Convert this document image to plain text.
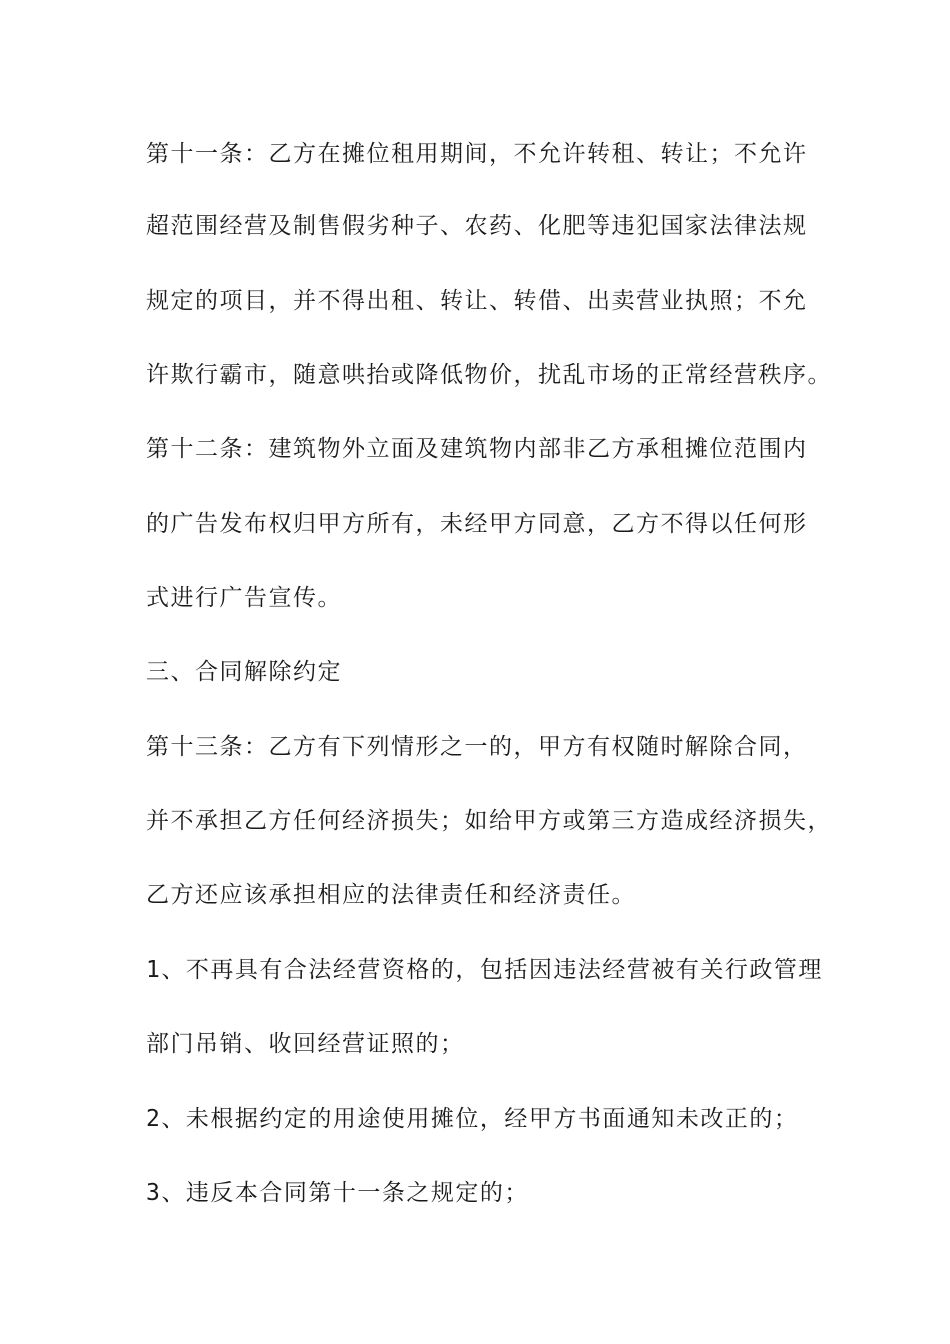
第十一条：乙方在摊位租用期间，不允许转租、转让；不允许
超范围经营及制售假劣种子、农药、化肥等违犯国家法律法规
规定的项目，并不得出租、转让、转借、出卖营业执照；不允
许欺行霸市，随意哄抬或降低物价，扰乱市场的正常经营秩序。
第十二条：建筑物外立面及建筑物内部非乙方承租摊位范围内
的广告发布权归甲方所有，未经甲方同意，乙方不得以任何形
式进行广告宣传。
三、合同解除约定
第十三条：乙方有下列情形之一的，甲方有权随时解除合同，
并不承担乙方任何经济损失；如给甲方或第三方造成经济损失，
乙方还应该承担相应的法律责任和经济责任。
1、不再具有合法经营资格的，包括因违法经营被有关行政管理
部门吊销、收回经营证照的；
2、未根据约定的用途使用摊位，经甲方书面通知未改正的；
3、违反本合同第十一条之规定的；
